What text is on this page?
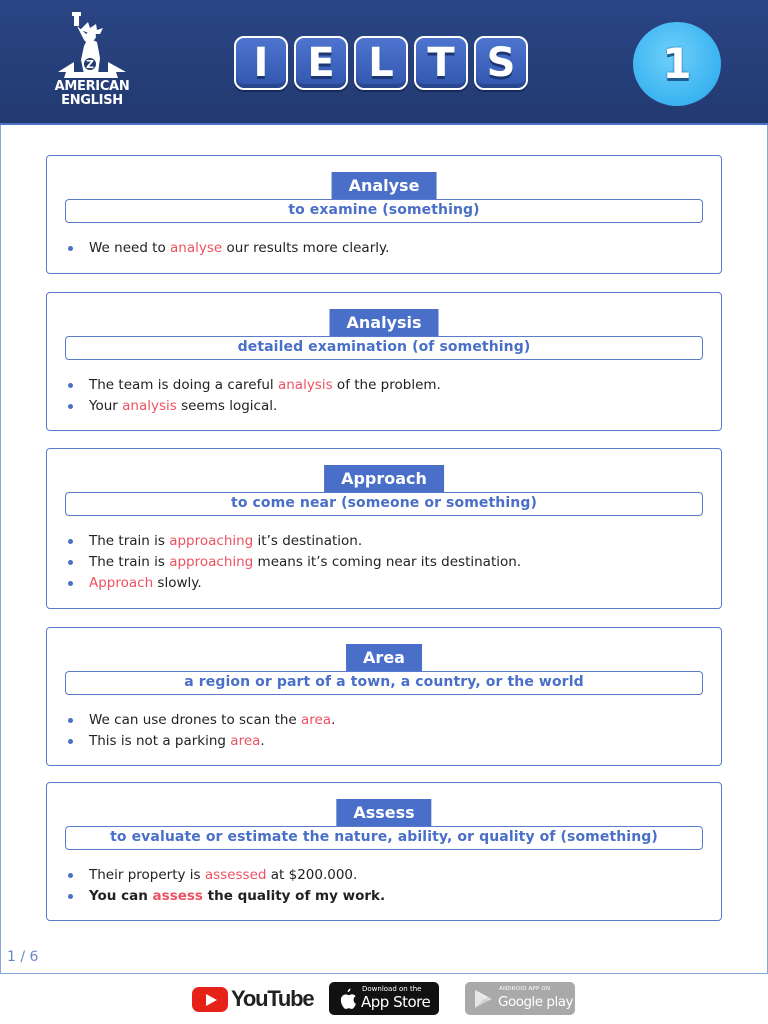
Z
AMERICAN
ENGLISH
I E L T S	1
Analyse
to examine (something)
We need to analyse our results more clearly.
Analysis
detailed examination (of something)
The team is doing a careful analysis of the problem.
Your analysis seems logical.
Approach
to come near (someone or something)
The train is approaching it’s destination.
The train is approaching means it’s coming near its destination.
Approach slowly.
Area
a region or part of a town, a country, or the world
We can use drones to scan the area.
This is not a parking area.
Assess
to evaluate or estimate the nature, ability, or quality of (something)
Their property is assessed at $200.000.
You can assess the quality of my work.
1 / 6
YouTube	Download on the
App Store
ANDROID APP ON
Google play
